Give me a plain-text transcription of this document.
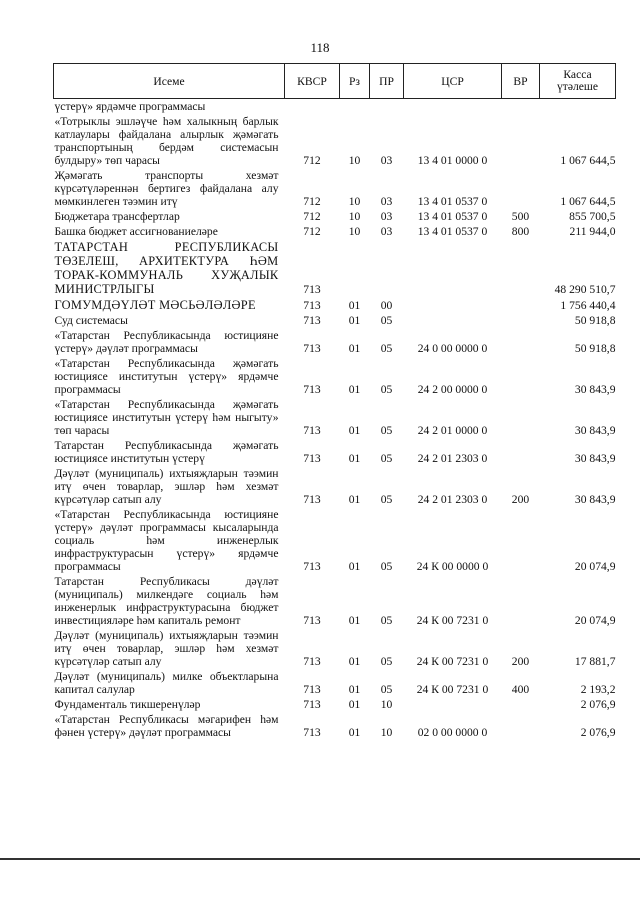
118
Исеме	КВСР	Рз	ПР	ЦСР	ВР	Касса
үтәлеше
үстерү» ярдәмче программасы						
«Тотрыклы эшләүче һәм халыкның барлык катлаулары файдалана алырлык җәмәгать транспортының бердәм системасын булдыру» төп чарасы	712	10	03	13 4 01 0000 0		1 067 644,5
Җәмәгать транспорты хезмәт күрсәтүләреннән бертигез файдалана алу мөмкинлеген тәэмин итү	712	10	03	13 4 01 0537 0		1 067 644,5
Бюджетара трансфертлар	712	10	03	13 4 01 0537 0	500	855 700,5
Башка бюджет ассигнованиеләре	712	10	03	13 4 01 0537 0	800	211 944,0
ТАТАРСТАН РЕСПУБЛИКАСЫ ТӨЗЕЛЕШ, АРХИТЕКТУРА ҺӘМ ТОРАК-КОММУНАЛЬ ХУҖАЛЫК МИНИСТРЛЫГЫ	713					48 290 510,7
ГОМУМДӘҮЛӘТ МӘСЬӘЛӘЛӘРЕ	713	01	00			1 756 440,4
Суд системасы	713	01	05			50 918,8
«Татарстан Республикасында юстицияне үстерү» дәүләт программасы	713	01	05	24 0 00 0000 0		50 918,8
«Татарстан Республикасында җәмәгать юстициясе институтын үстерү» ярдәмче программасы	713	01	05	24 2 00 0000 0		30 843,9
«Татарстан Республикасында җәмәгать юстициясе институтын үстерү һәм ныгыту» төп чарасы	713	01	05	24 2 01 0000 0		30 843,9
Татарстан Республикасында җәмәгать юстициясе институтын үстерү	713	01	05	24 2 01 2303 0		30 843,9
Дәүләт (муниципаль) ихтыяҗларын тәэмин итү өчен товарлар, эшләр һәм хезмәт күрсәтүләр сатып алу	713	01	05	24 2 01 2303 0	200	30 843,9
«Татарстан Республикасында юстицияне үстерү» дәүләт программасы кысаларында социаль һәм инженерлык инфраструктурасын үстерү» ярдәмче программасы	713	01	05	24 К 00 0000 0		20 074,9
Татарстан Республикасы дәүләт (муниципаль) милкендәге социаль һәм инженерлык инфраструктурасына бюджет инвестицияләре һәм капиталь ремонт	713	01	05	24 К 00 7231 0		20 074,9
Дәүләт (муниципаль) ихтыяҗларын тәэмин итү өчен товарлар, эшләр һәм хезмәт күрсәтүләр сатып алу	713	01	05	24 К 00 7231 0	200	17 881,7
Дәүләт (муниципаль) милке объектларына капитал салулар	713	01	05	24 К 00 7231 0	400	2 193,2
Фундаменталь тикшеренүләр	713	01	10			2 076,9
«Татарстан Республикасы мәгарифен һәм фәнен үстерү» дәүләт программасы	713	01	10	02 0 00 0000 0		2 076,9
